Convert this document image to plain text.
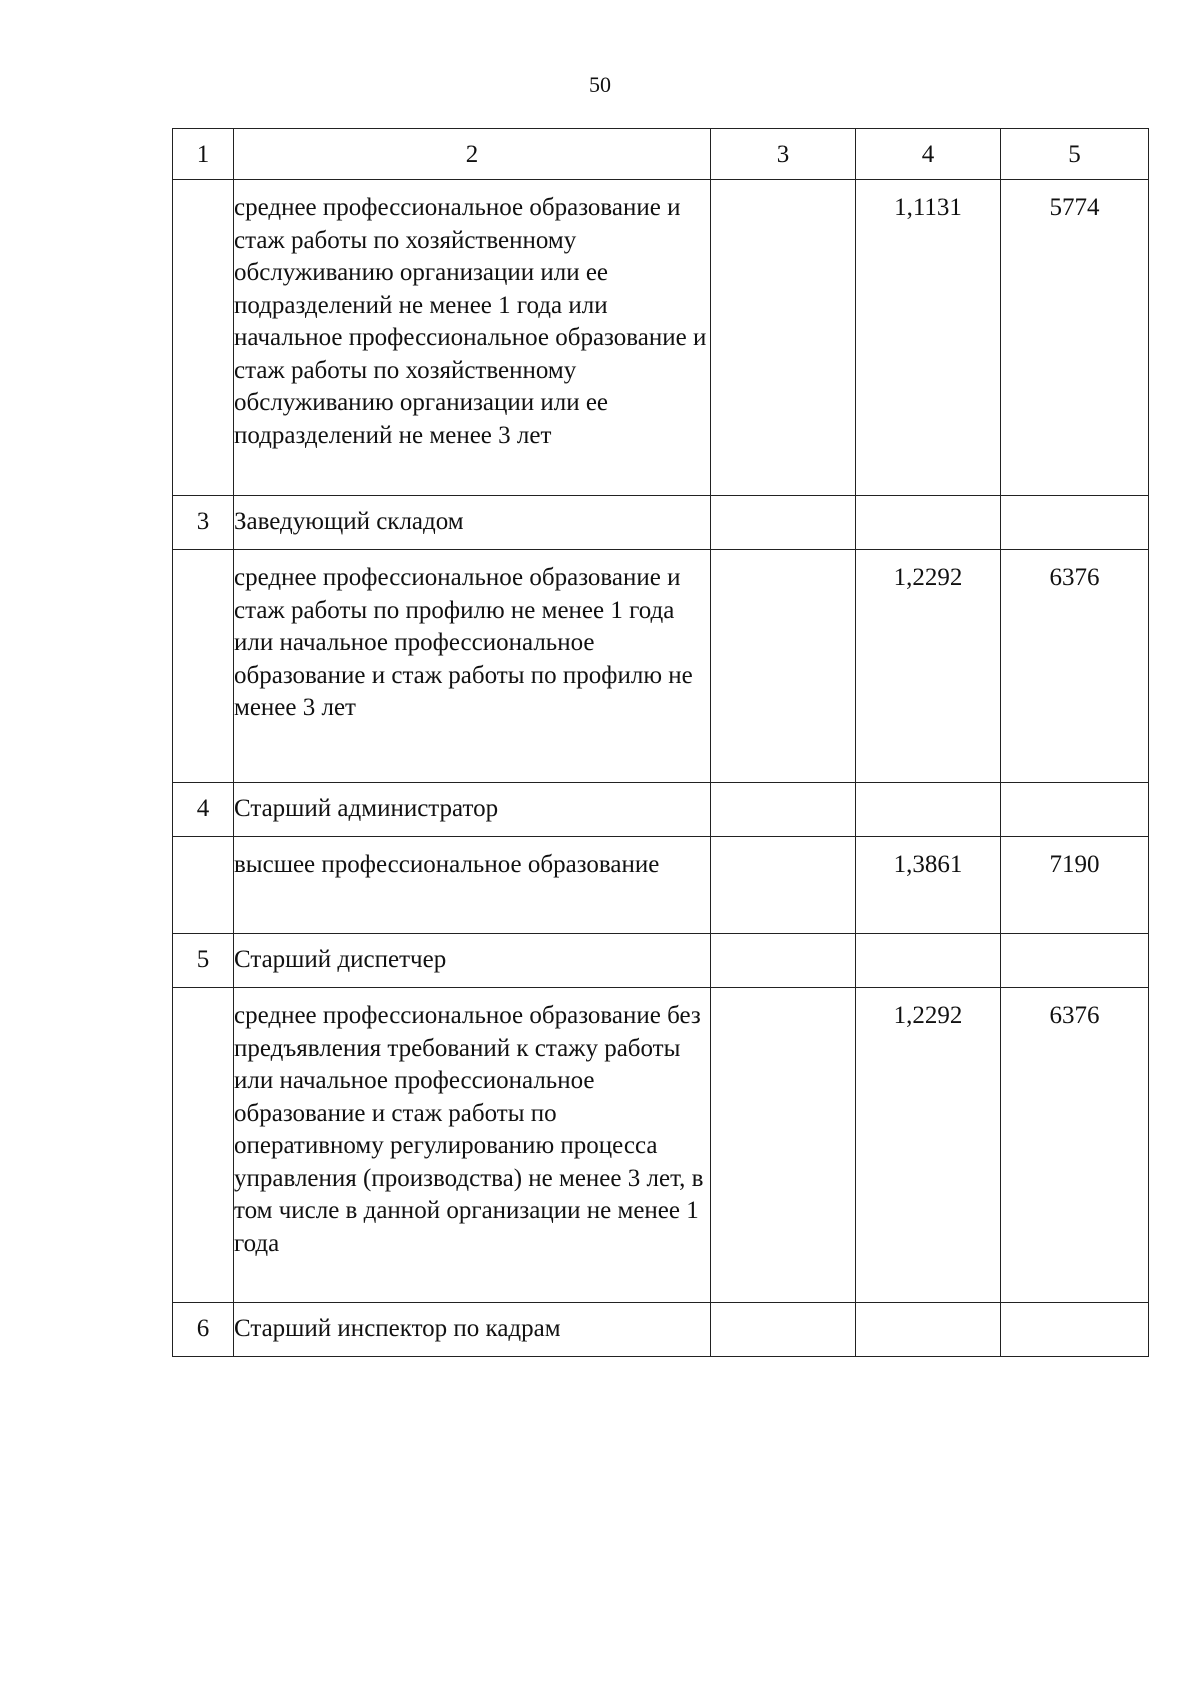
50
1	2	3	4	5
	среднее профессиональное образование и стаж работы по хозяйственному обслуживанию организации или ее подразделений не менее 1 года или начальное профессиональное образование и стаж работы по хозяйственному обслуживанию организации или ее подразделений не менее 3 лет		1,1131	5774
3	Заведующий складом			
	среднее профессиональное образование и стаж работы по профилю не менее 1 года или начальное профессиональное образование и стаж работы по профилю не менее 3 лет		1,2292	6376
4	Старший администратор			
	высшее профессиональное образование		1,3861	7190
5	Старший диспетчер			
	среднее профессиональное образование без предъявления требований к стажу работы или начальное профессиональное образование и стаж работы по оперативному регулированию процесса управления (производства) не менее 3 лет, в том числе в данной организации не менее 1 года		1,2292	6376
6	Старший инспектор по кадрам			
